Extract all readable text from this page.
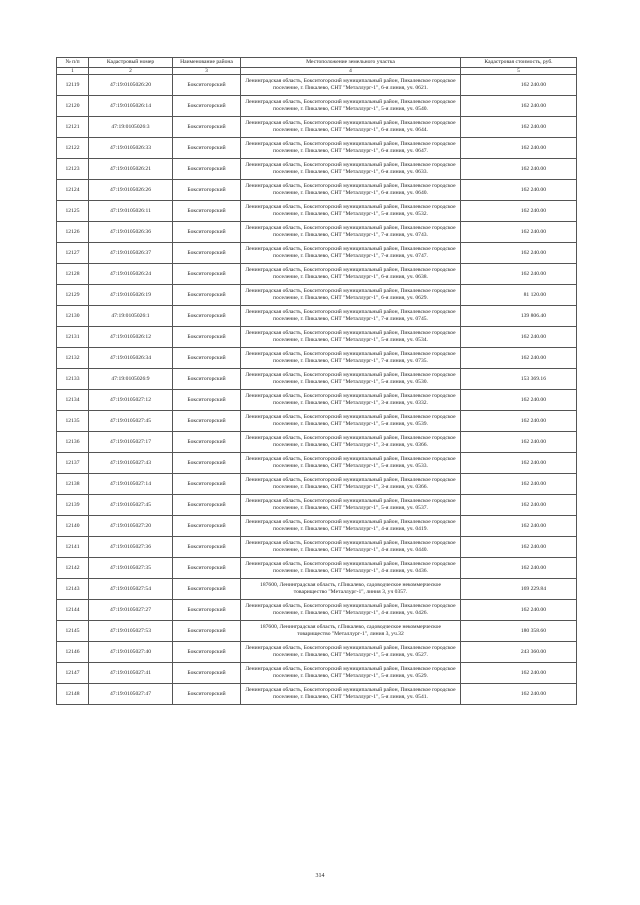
№ п/п	Кадастровый номер	Наименование района	Местоположение земельного участка	Кадастровая стоимость, руб.
1	2	3	4	5
12119	47:19:0105026:20	Бокситогорский	Ленинградская область, Бокситогорский муниципальный район, Пикалевское городское поселение, г. Пикалево, СНТ "Металлург-1", 6-я линия, уч. 0621.	162 240.00
12120	47:19:0105026:14	Бокситогорский	Ленинградская область, Бокситогорский муниципальный район, Пикалевское городское поселение, г. Пикалево, СНТ "Металлург-1", 5-я линия, уч. 0540.	162 240.00
12121	47:19:0105026:3	Бокситогорский	Ленинградская область, Бокситогорский муниципальный район, Пикалевское городское поселение, г. Пикалево, СНТ "Металлург-1", 6-я линия, уч. 0644.	162 240.00
12122	47:19:0105026:33	Бокситогорский	Ленинградская область, Бокситогорский муниципальный район, Пикалевское городское поселение, г. Пикалево, СНТ "Металлург-1", 6-я линия, уч. 0647.	162 240.00
12123	47:19:0105026:21	Бокситогорский	Ленинградская область, Бокситогорский муниципальный район, Пикалевское городское поселение, г. Пикалево, СНТ "Металлург-1", 6-я линия, уч. 0633.	162 240.00
12124	47:19:0105026:26	Бокситогорский	Ленинградская область, Бокситогорский муниципальный район, Пикалевское городское поселение, г. Пикалево, СНТ "Металлург-1", 6-я линия, уч. 0640.	162 240.00
12125	47:19:0105026:11	Бокситогорский	Ленинградская область, Бокситогорский муниципальный район, Пикалевское городское поселение, г. Пикалево, СНТ "Металлург-1", 5-я линия, уч. 0532.	162 240.00
12126	47:19:0105026:36	Бокситогорский	Ленинградская область, Бокситогорский муниципальный район, Пикалевское городское поселение, г. Пикалево, СНТ "Металлург-1", 7-я линия, уч. 0743.	162 240.00
12127	47:19:0105026:37	Бокситогорский	Ленинградская область, Бокситогорский муниципальный район, Пикалевское городское поселение, г. Пикалево, СНТ "Металлург-1", 7-я линия, уч. 0747.	162 240.00
12128	47:19:0105026:24	Бокситогорский	Ленинградская область, Бокситогорский муниципальный район, Пикалевское городское поселение, г. Пикалево, СНТ "Металлург-1", 6-я линия, уч. 0638.	162 240.00
12129	47:19:0105026:19	Бокситогорский	Ленинградская область, Бокситогорский муниципальный район, Пикалевское городское поселение, г. Пикалево, СНТ "Металлург-1", 6-я линия, уч. 0629.	81 120.00
12130	47:19:0105026:1	Бокситогорский	Ленинградская область, Бокситогорский муниципальный район, Пикалевское городское поселение, г. Пикалево, СНТ "Металлург-1", 7-я линия, уч. 0745.	139 806.40
12131	47:19:0105026:12	Бокситогорский	Ленинградская область, Бокситогорский муниципальный район, Пикалевское городское поселение, г. Пикалево, СНТ "Металлург-1", 5-я линия, уч. 0534.	162 240.00
12132	47:19:0105026:34	Бокситогорский	Ленинградская область, Бокситогорский муниципальный район, Пикалевское городское поселение, г. Пикалево, СНТ "Металлург-1", 7-я линия, уч. 0735.	162 240.00
12133	47:19:0105026:9	Бокситогорский	Ленинградская область, Бокситогорский муниципальный район, Пикалевское городское поселение, г. Пикалево, СНТ "Металлург-1", 5-я линия, уч. 0530.	153 369.16
12134	47:19:0105027:12	Бокситогорский	Ленинградская область, Бокситогорский муниципальный район, Пикалевское городское поселение, г. Пикалево, СНТ "Металлург-1", 3-я линия, уч. 0332.	162 240.00
12135	47:19:0105027:45	Бокситогорский	Ленинградская область, Бокситогорский муниципальный район, Пикалевское городское поселение, г. Пикалево, СНТ "Металлург-1", 5-я линия, уч. 0539.	162 240.00
12136	47:19:0105027:17	Бокситогорский	Ленинградская область, Бокситогорский муниципальный район, Пикалевское городское поселение, г. Пикалево, СНТ "Металлург-1", 3-я линия, уч. 0366.	162 240.00
12137	47:19:0105027:43	Бокситогорский	Ленинградская область, Бокситогорский муниципальный район, Пикалевское городское поселение, г. Пикалево, СНТ "Металлург-1", 5-я линия, уч. 0533.	162 240.00
12138	47:19:0105027:14	Бокситогорский	Ленинградская область, Бокситогорский муниципальный район, Пикалевское городское поселение, г. Пикалево, СНТ "Металлург-1", 3-я линия, уч. 0366.	162 240.00
12139	47:19:0105027:45	Бокситогорский	Ленинградская область, Бокситогорский муниципальный район, Пикалевское городское поселение, г. Пикалево, СНТ "Металлург-1", 5-я линия, уч. 0537.	162 240.00
12140	47:19:0105027:20	Бокситогорский	Ленинградская область, Бокситогорский муниципальный район, Пикалевское городское поселение, г. Пикалево, СНТ "Металлург-1", 4-я линия, уч. 0419.	162 240.00
12141	47:19:0105027:36	Бокситогорский	Ленинградская область, Бокситогорский муниципальный район, Пикалевское городское поселение, г. Пикалево, СНТ "Металлург-1", 4-я линия, уч. 0440.	162 240.00
12142	47:19:0105027:35	Бокситогорский	Ленинградская область, Бокситогорский муниципальный район, Пикалевское городское поселение, г. Пикалево, СНТ "Металлург-1", 4-я линия, уч. 0436.	162 240.00
12143	47:19:0105027:54	Бокситогорский	187600, Ленинградская область, г.Пикалево, садоводческое некоммерческое товарищество "Металлург-1", линия 3, уч 0357.	169 229.84
12144	47:19:0105027:27	Бокситогорский	Ленинградская область, Бокситогорский муниципальный район, Пикалевское городское поселение, г. Пикалево, СНТ "Металлург-1", 4-я линия, уч. 0426.	162 240.00
12145	47:19:0105027:53	Бокситогорский	187600, Ленинградская область, г.Пикалево, садоводческое некоммерческое товарищество "Металлург-1", линия 3, уч.32	180 358.60
12146	47:19:0105027:40	Бокситогорский	Ленинградская область, Бокситогорский муниципальный район, Пикалевское городское поселение, г. Пикалево, СНТ "Металлург-1", 5-я линия, уч. 0527.	243 360.00
12147	47:19:0105027:41	Бокситогорский	Ленинградская область, Бокситогорский муниципальный район, Пикалевское городское поселение, г. Пикалево, СНТ "Металлург-1", 5-я линия, уч. 0529.	162 240.00
12148	47:19:0105027:47	Бокситогорский	Ленинградская область, Бокситогорский муниципальный район, Пикалевское городское поселение, г. Пикалево, СНТ "Металлург-1", 5-я линия, уч. 0541.	162 240.00
314
